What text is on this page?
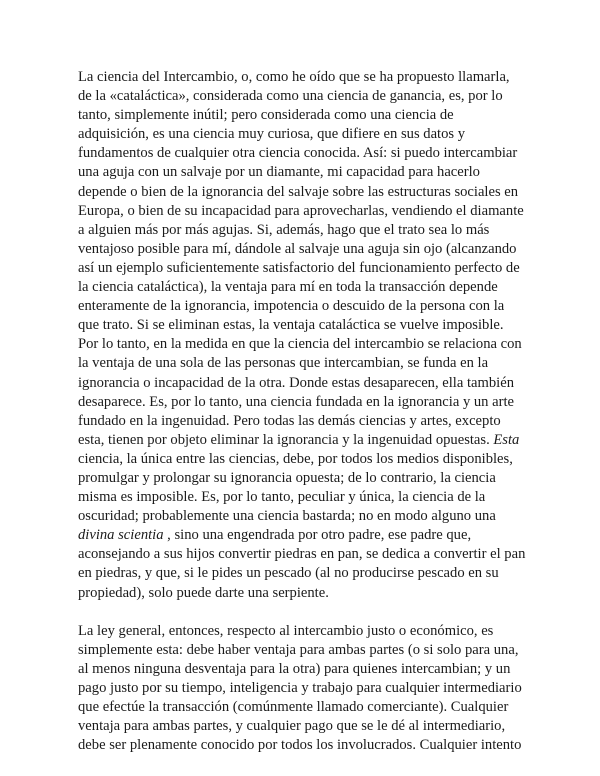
La ciencia del Intercambio, o, como he oído que se ha propuesto llamarla, de la «cataláctica», considerada como una ciencia de ganancia, es, por lo tanto, simplemente inútil; pero considerada como una ciencia de adquisición, es una ciencia muy curiosa, que difiere en sus datos y fundamentos de cualquier otra ciencia conocida. Así: si puedo intercambiar una aguja con un salvaje por un diamante, mi capacidad para hacerlo depende o bien de la ignorancia del salvaje sobre las estructuras sociales en Europa, o bien de su incapacidad para aprovecharlas, vendiendo el diamante a alguien más por más agujas. Si, además, hago que el trato sea lo más ventajoso posible para mí, dándole al salvaje una aguja sin ojo (alcanzando así un ejemplo suficientemente satisfactorio del funcionamiento perfecto de la ciencia cataláctica), la ventaja para mí en toda la transacción depende enteramente de la ignorancia, impotencia o descuido de la persona con la que trato. Si se eliminan estas, la ventaja cataláctica se vuelve imposible. Por lo tanto, en la medida en que la ciencia del intercambio se relaciona con la ventaja de una sola de las personas que intercambian, se funda en la ignorancia o incapacidad de la otra. Donde estas desaparecen, ella también desaparece. Es, por lo tanto, una ciencia fundada en la ignorancia y un arte fundado en la ingenuidad. Pero todas las demás ciencias y artes, excepto esta, tienen por objeto eliminar la ignorancia y la ingenuidad opuestas. Esta ciencia, la única entre las ciencias, debe, por todos los medios disponibles, promulgar y prolongar su ignorancia opuesta; de lo contrario, la ciencia misma es imposible. Es, por lo tanto, peculiar y única, la ciencia de la oscuridad; probablemente una ciencia bastarda; no en modo alguno una divina scientia , sino una engendrada por otro padre, ese padre que, aconsejando a sus hijos convertir piedras en pan, se dedica a convertir el pan en piedras, y que, si le pides un pescado (al no producirse pescado en su propiedad), solo puede darte una serpiente.

La ley general, entonces, respecto al intercambio justo o económico, es simplemente esta: debe haber ventaja para ambas partes (o si solo para una, al menos ninguna desventaja para la otra) para quienes intercambian; y un pago justo por su tiempo, inteligencia y trabajo para cualquier intermediario que efectúe la transacción (comúnmente llamado comerciante). Cualquier ventaja para ambas partes, y cualquier pago que se le dé al intermediario, debe ser plenamente conocido por todos los involucrados. Cualquier intento
